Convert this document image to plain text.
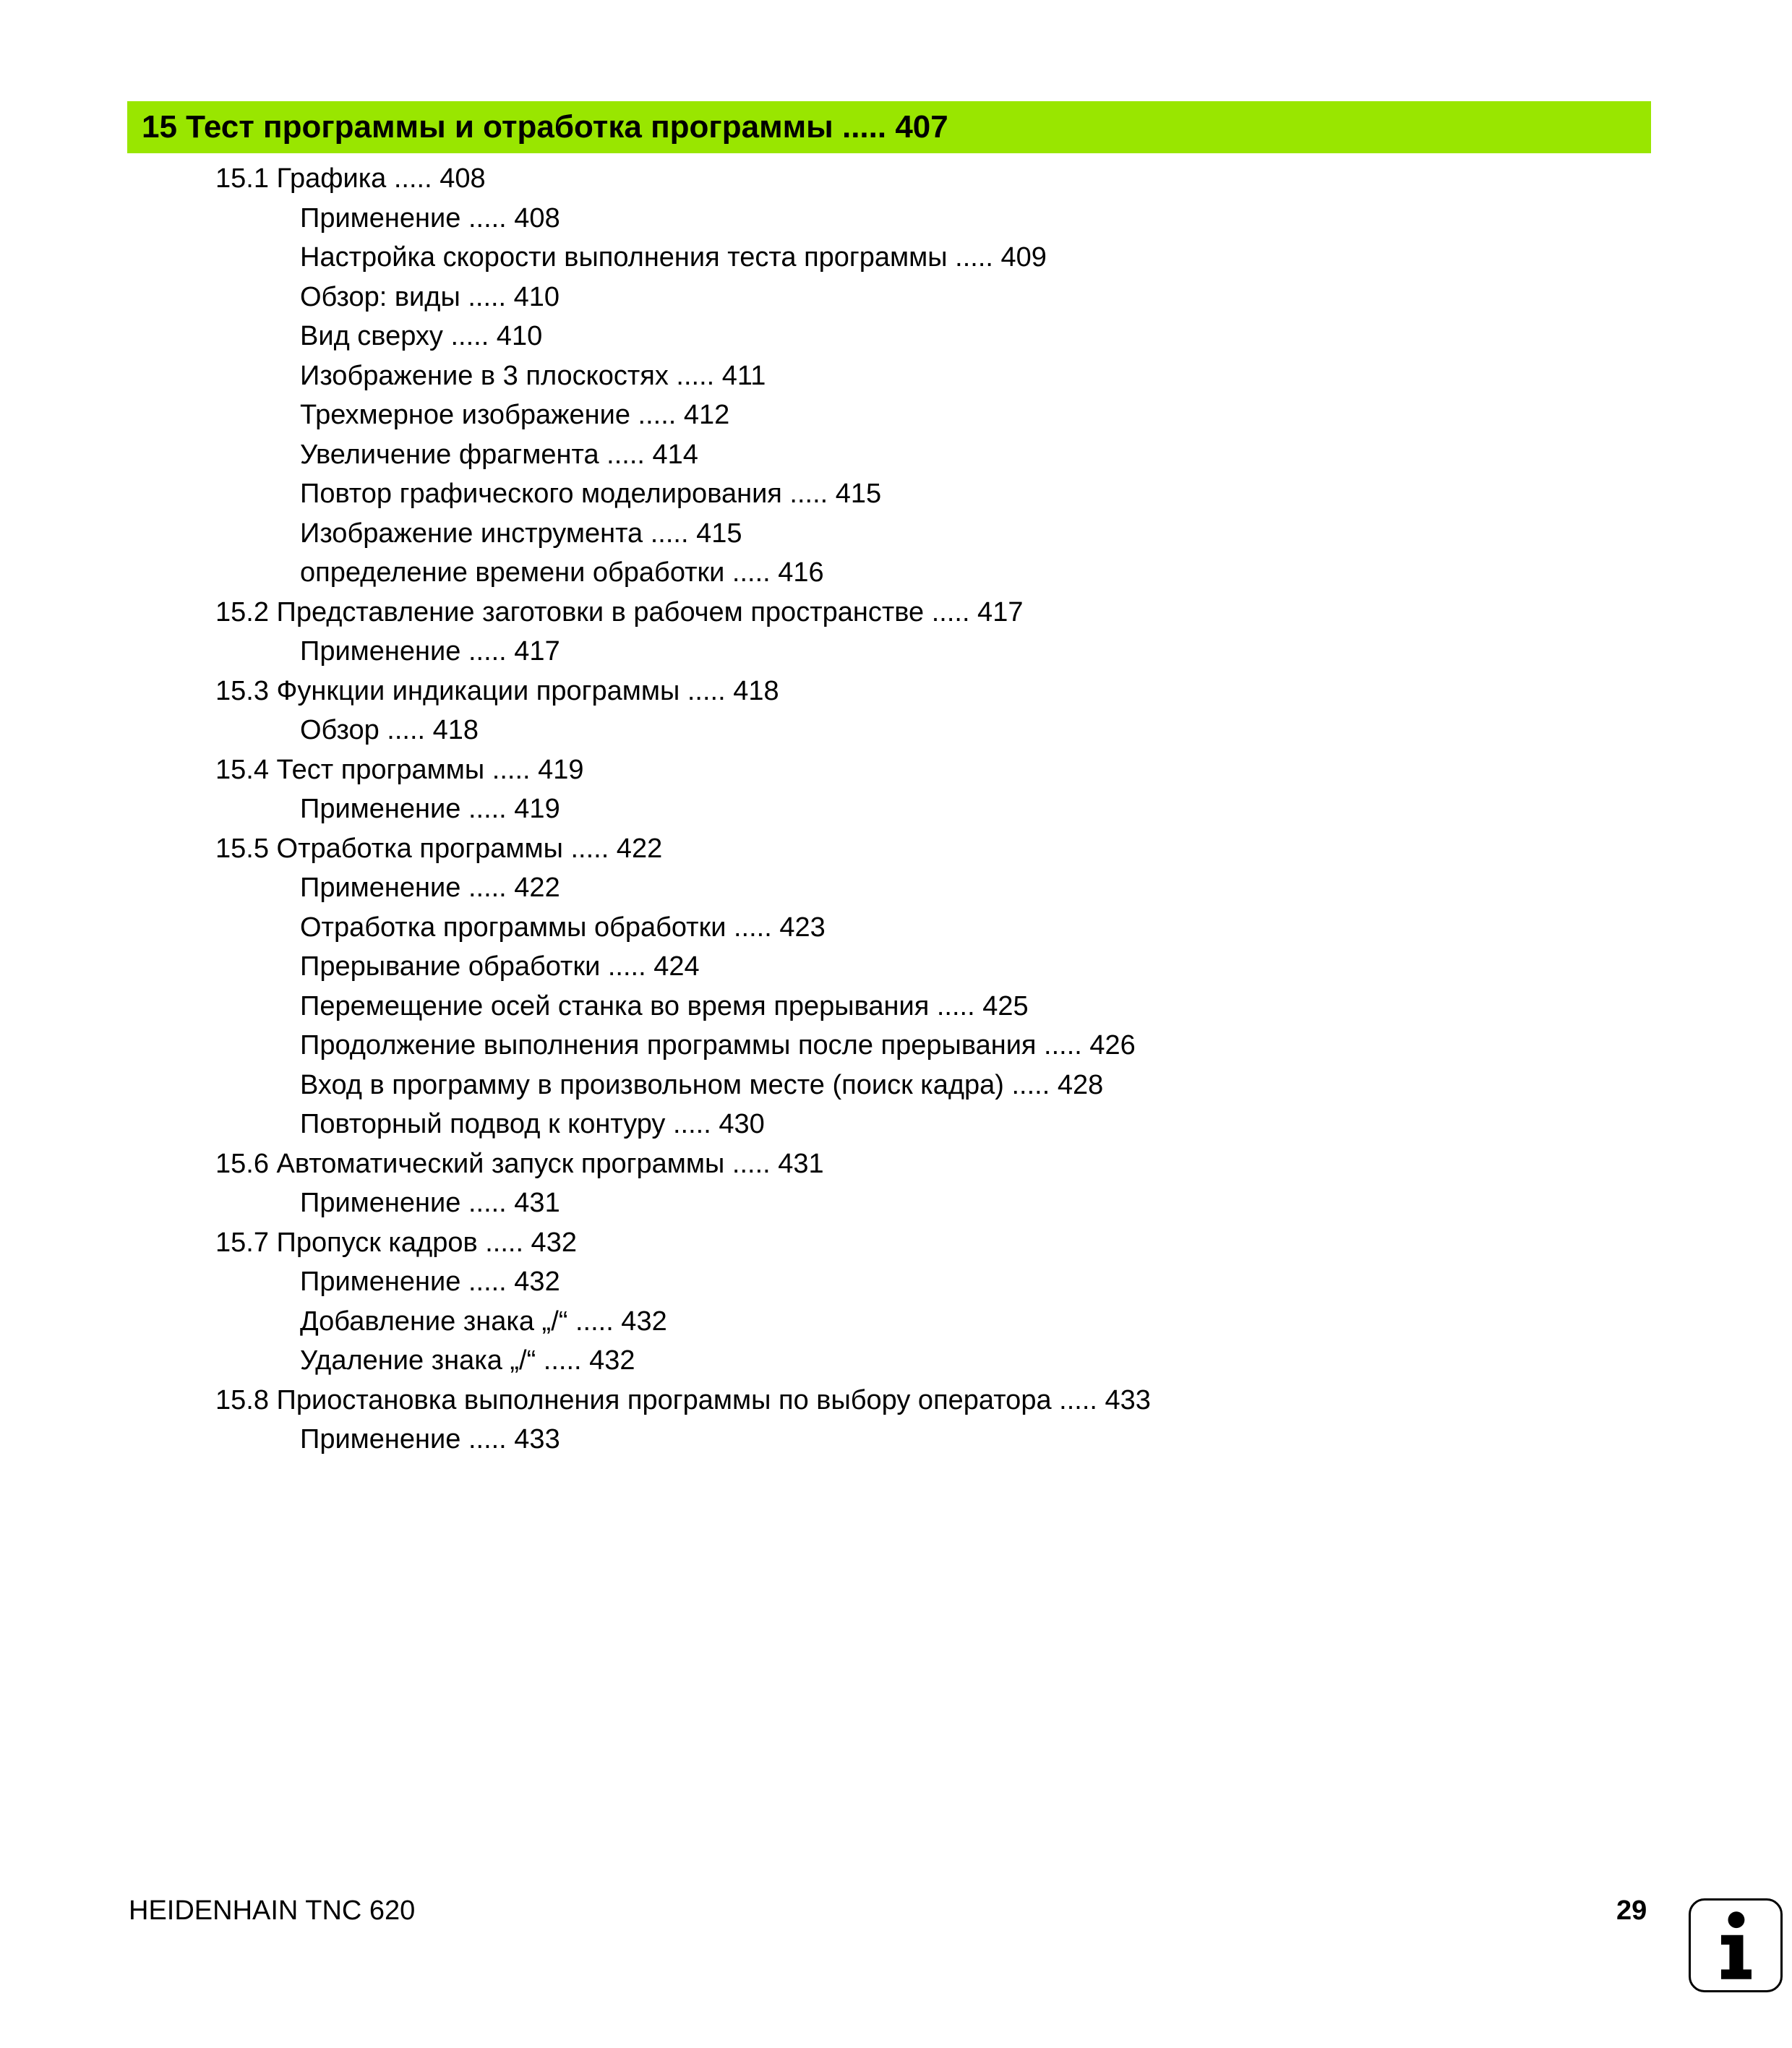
15 Тест программы и отработка программы ..... 407
15.1 Графика ..... 408
Применение ..... 408
Настройка скорости выполнения теста программы ..... 409
Обзор: виды ..... 410
Вид сверху ..... 410
Изображение в 3 плоскостях ..... 411
Трехмерное изображение ..... 412
Увеличение фрагмента ..... 414
Повтор графического моделирования ..... 415
Изображение инструмента ..... 415
определение времени обработки ..... 416
15.2 Представление заготовки в рабочем пространстве ..... 417
Применение ..... 417
15.3 Функции индикации программы ..... 418
Обзор ..... 418
15.4 Тест программы ..... 419
Применение ..... 419
15.5 Отработка программы ..... 422
Применение ..... 422
Отработка программы обработки ..... 423
Прерывание обработки ..... 424
Перемещение осей станка во время прерывания ..... 425
Продолжение выполнения программы после прерывания ..... 426
Вход в программу в произвольном месте (поиск кадра) ..... 428
Повторный подвод к контуру ..... 430
15.6 Автоматический запуск программы ..... 431
Применение ..... 431
15.7 Пропуск кадров ..... 432
Применение ..... 432
Добавление знака „/“ ..... 432
Удаление знака „/“ ..... 432
15.8 Приостановка выполнения программы по выбору оператора ..... 433
Применение ..... 433
HEIDENHAIN TNC 620	29
